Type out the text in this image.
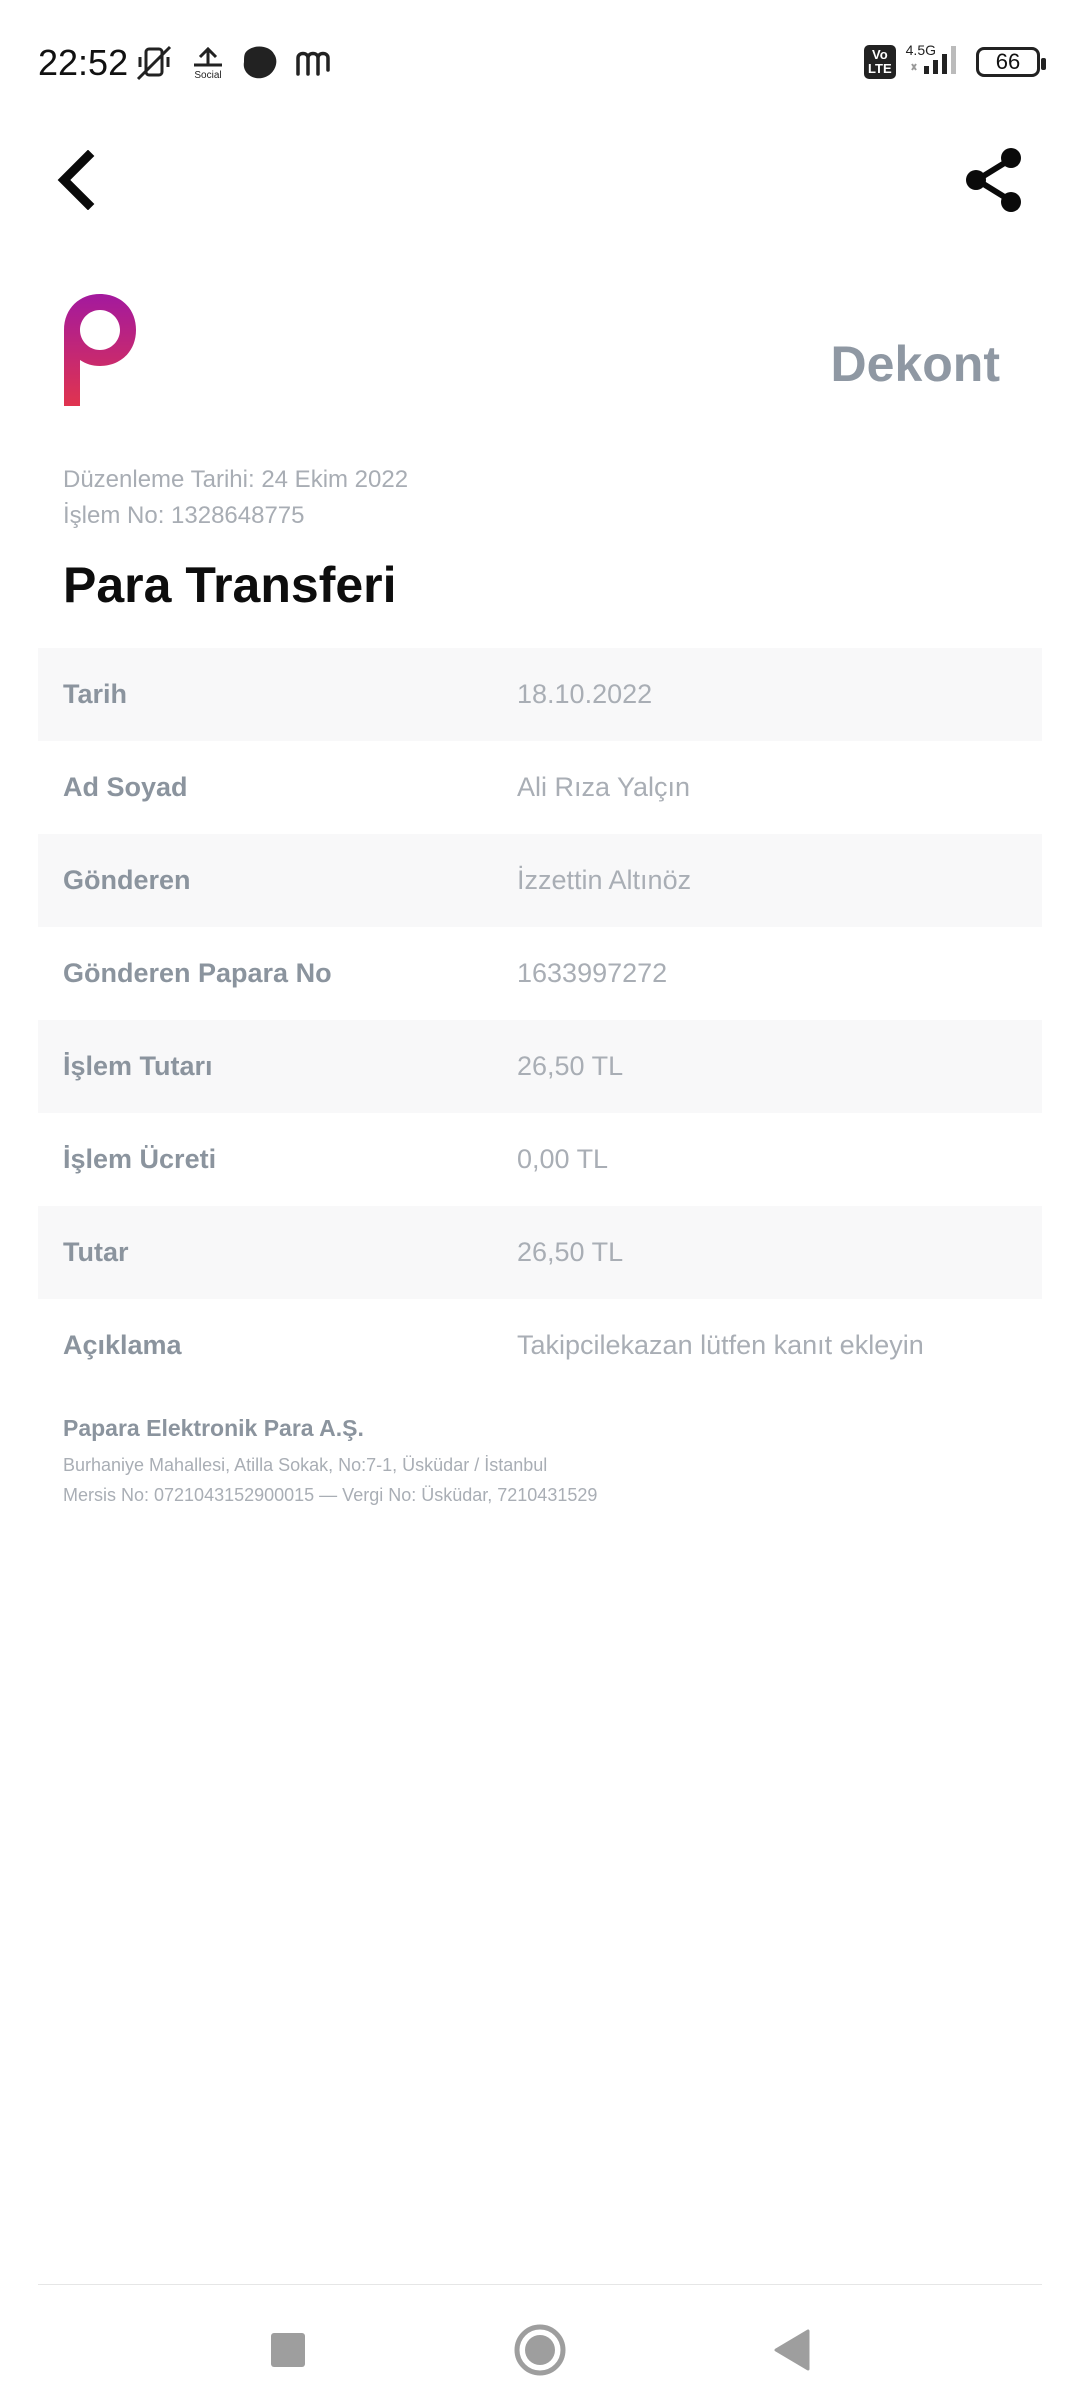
22:52	Social
Vo
LTE
4.5G	66
Dekont
Düzenleme Tarihi: 24 Ekim 2022
İşlem No: 1328648775
Para Transferi
Tarih	18.10.2022
Ad Soyad	Ali Rıza Yalçın
Gönderen	İzzettin Altınöz
Gönderen Papara No	1633997272
İşlem Tutarı	26,50 TL
İşlem Ücreti	0,00 TL
Tutar	26,50 TL
Açıklama	Takipcilekazan lütfen kanıt ekleyin
Papara Elektronik Para A.Ş.
Burhaniye Mahallesi, Atilla Sokak, No:7-1, Üsküdar / İstanbul
Mersis No: 0721043152900015 — Vergi No: Üsküdar, 7210431529
